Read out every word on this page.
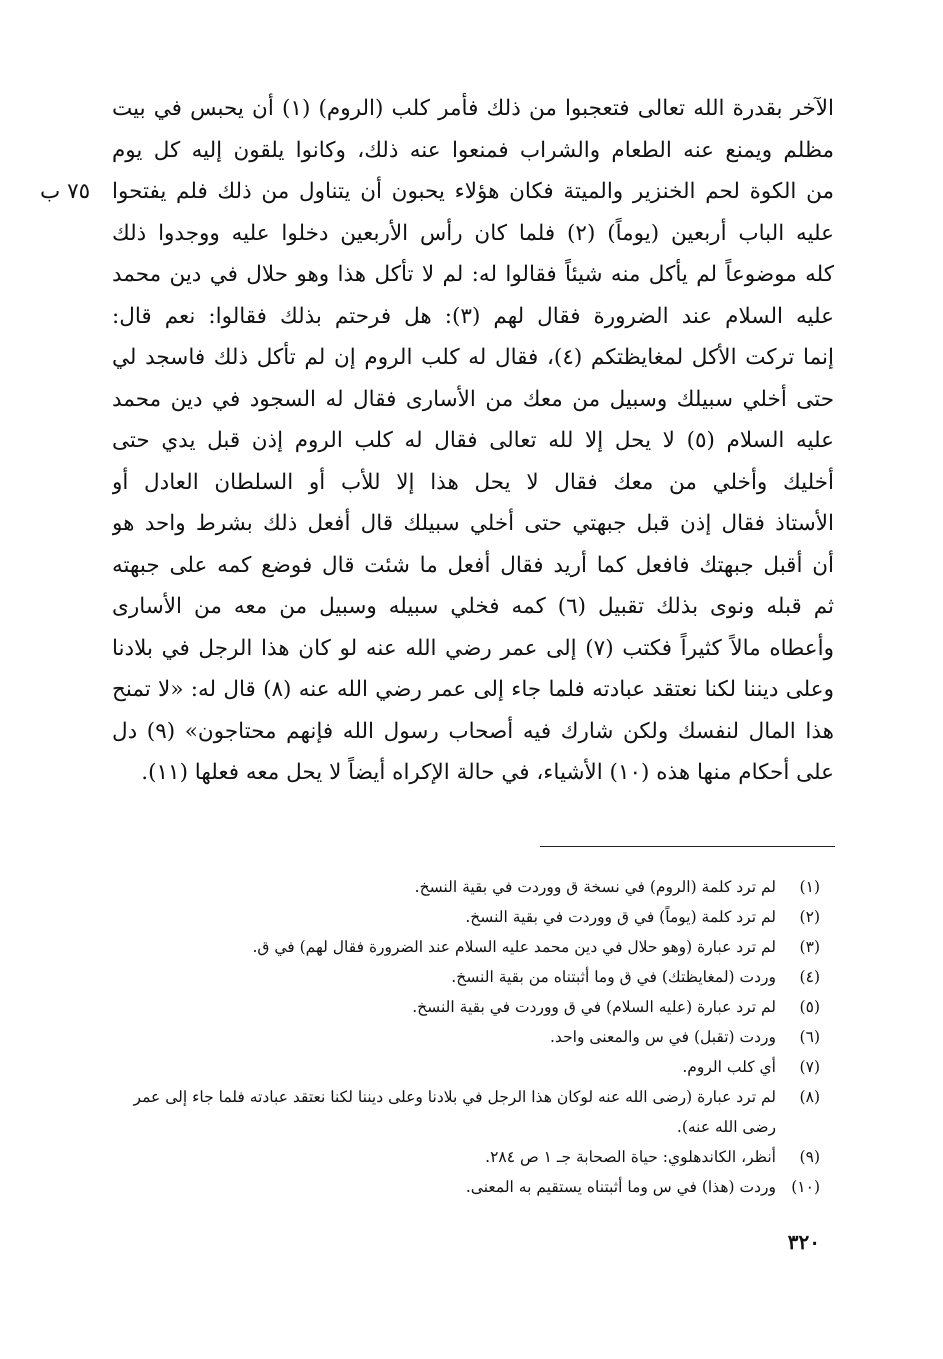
الآخر بقدرة الله تعالى فتعجبوا من ذلك فأمر كلب (الروم) (١) أن يحبس في بيت
مظلم ويمنع عنه الطعام والشراب فمنعوا عنه ذلك، وكانوا يلقون إليه كل يوم
من الكوة لحم الخنزير والميتة فكان هؤلاء يحبون أن يتناول من ذلك فلم يفتحوا
عليه الباب أربعين (يوماً) (٢) فلما كان رأس الأربعين دخلوا عليه ووجدوا ذلك
كله موضوعاً لم يأكل منه شيئاً فقالوا له: لم لا تأكل هذا وهو حلال في دين محمد
عليه السلام عند الضرورة فقال لهم (٣): هل فرحتم بذلك فقالوا: نعم قال:
إنما تركت الأكل لمغايظتكم (٤)، فقال له كلب الروم إن لم تأكل ذلك فاسجد لي
حتى أخلي سبيلك وسبيل من معك من الأسارى فقال له السجود في دين محمد
عليه السلام (٥) لا يحل إلا لله تعالى فقال له كلب الروم إذن قبل يدي حتى
أخليك وأخلي من معك فقال لا يحل هذا إلا للأب أو السلطان العادل أو
الأستاذ فقال إذن قبل جبهتي حتى أخلي سبيلك قال أفعل ذلك بشرط واحد هو
أن أقبل جبهتك فافعل كما أريد فقال أفعل ما شئت قال فوضع كمه على جبهته
ثم قبله ونوى بذلك تقبيل (٦) كمه فخلي سبيله وسبيل من معه من الأسارى
وأعطاه مالاً كثيراً فكتب (٧) إلى عمر رضي الله عنه لو كان هذا الرجل في بلادنا
وعلى ديننا لكنا نعتقد عبادته فلما جاء إلى عمر رضي الله عنه (٨) قال له: «لا تمنح
هذا المال لنفسك ولكن شارك فيه أصحاب رسول الله فإنهم محتاجون» (٩) دل
على أحكام منها هذه (١٠) الأشياء، في حالة الإكراه أيضاً لا يحل معه فعلها (١١).
٧٥ ب
(١)
لم ترد كلمة (الروم) في نسخة ق ووردت في بقية النسخ.
(٢)
لم ترد كلمة (يوماً) في ق ووردت في بقية النسخ.
(٣)
لم ترد عبارة (وهو حلال في دين محمد عليه السلام عند الضرورة فقال لهم) في ق.
(٤)
وردت (لمغايظتك) في ق وما أثبتناه من بقية النسخ.
(٥)
لم ترد عبارة (عليه السلام) في ق ووردت في بقية النسخ.
(٦)
وردت (تقبل) في س والمعنى واحد.
(٧)
أي كلب الروم.
(٨)
لم ترد عبارة (رضى الله عنه لوكان هذا الرجل في بلادنا وعلى ديننا لكنا نعتقد عبادته فلما جاء إلى عمر رضى الله عنه).
(٩)
أنظر، الكاندهلوي: حياة الصحابة جـ ١ ص ٢٨٤.
(١٠)
وردت (هذا) في س وما أثبتناه يستقيم به المعنى.
٣٢٠
